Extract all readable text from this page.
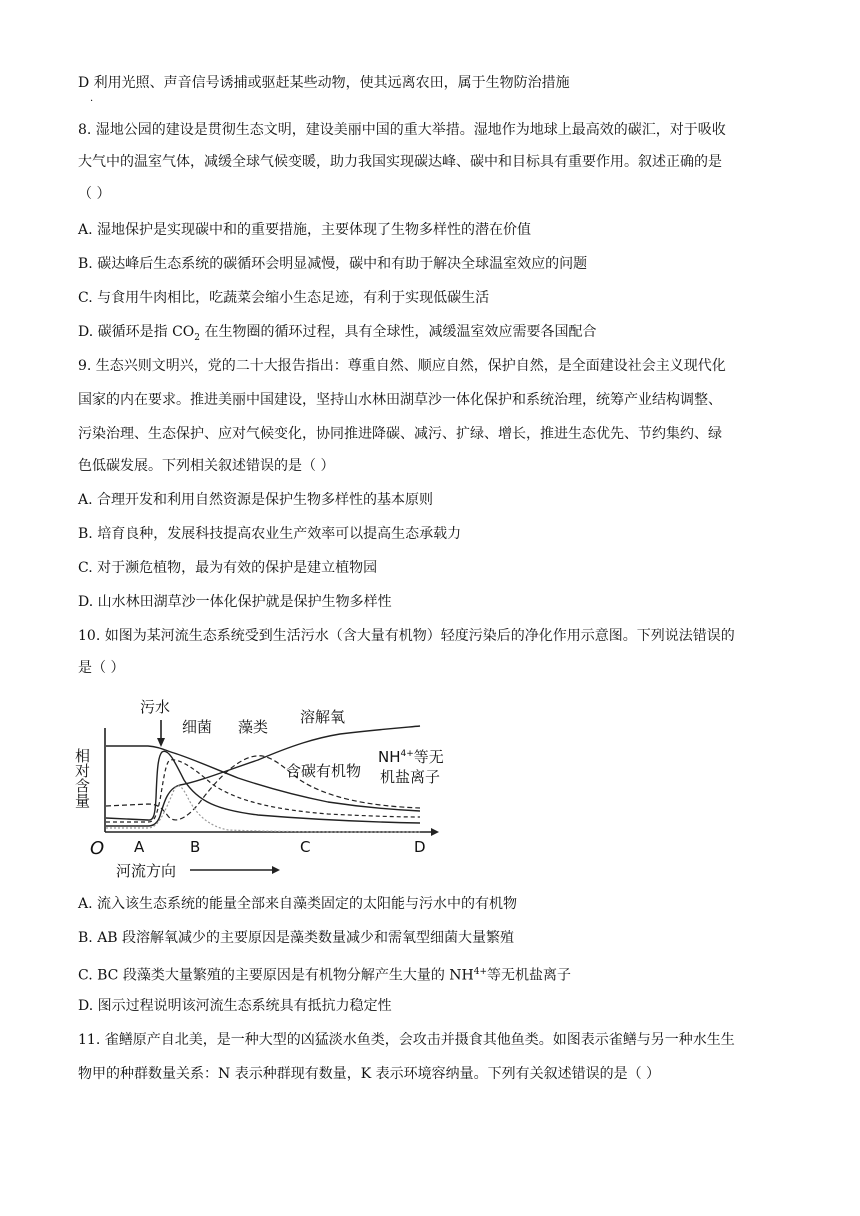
D 利用光照、声音信号诱捕或驱赶某些动物，使其远离农田，属于生物防治措施
·
8. 湿地公园的建设是贯彻生态文明，建设美丽中国的重大举措。湿地作为地球上最高效的碳汇，对于吸收
大气中的温室气体，减缓全球气候变暖，助力我国实现碳达峰、碳中和目标具有重要作用。叙述正确的是
（ ）
A. 湿地保护是实现碳中和的重要措施，主要体现了生物多样性的潜在价值
B. 碳达峰后生态系统的碳循环会明显减慢，碳中和有助于解决全球温室效应的问题
C. 与食用牛肉相比，吃蔬菜会缩小生态足迹，有利于实现低碳生活
D. 碳循环是指 $CO_2$ 在生物圈的循环过程，具有全球性，减缓温室效应需要各国配合
9. 生态兴则文明兴，党的二十大报告指出：尊重自然、顺应自然，保护自然，是全面建设社会主义现代化
国家的内在要求。推进美丽中国建设，坚持山水林田湖草沙一体化保护和系统治理，统筹产业结构调整、
污染治理、生态保护、应对气候变化，协同推进降碳、减污、扩绿、增长，推进生态优先、节约集约、绿
色低碳发展。下列相关叙述错误的是（ ）
A. 合理开发和利用自然资源是保护生物多样性的基本原则
B. 培育良种，发展科技提高农业生产效率可以提高生态承载力
C. 对于濒危植物，最为有效的保护是建立植物园
D. 山水林田湖草沙一体化保护就是保护生物多样性
10. 如图为某河流生态系统受到生活污水（含大量有机物）轻度污染后的净化作用示意图。下列说法错误的
是（ ）
污水
细菌 藻类
溶解氧
含碳有机物
$NH^{4+}$等无
机盐离子
O A	B	C	D
河流方向
相对含量
A. 流入该生态系统的能量全部来自藻类固定的太阳能与污水中的有机物
B. AB 段溶解氧减少的主要原因是藻类数量减少和需氧型细菌大量繁殖
C. BC 段藻类大量繁殖的主要原因是有机物分解产生大量的 $NH^{4+}$等无机盐离子
D. 图示过程说明该河流生态系统具有抵抗力稳定性
11. 雀鳝原产自北美，是一种大型的凶猛淡水鱼类，会攻击并摄食其他鱼类。如图表示雀鳝与另一种水生生
物甲的种群数量关系：N 表示种群现有数量，K 表示环境容纳量。下列有关叙述错误的是（ ）
